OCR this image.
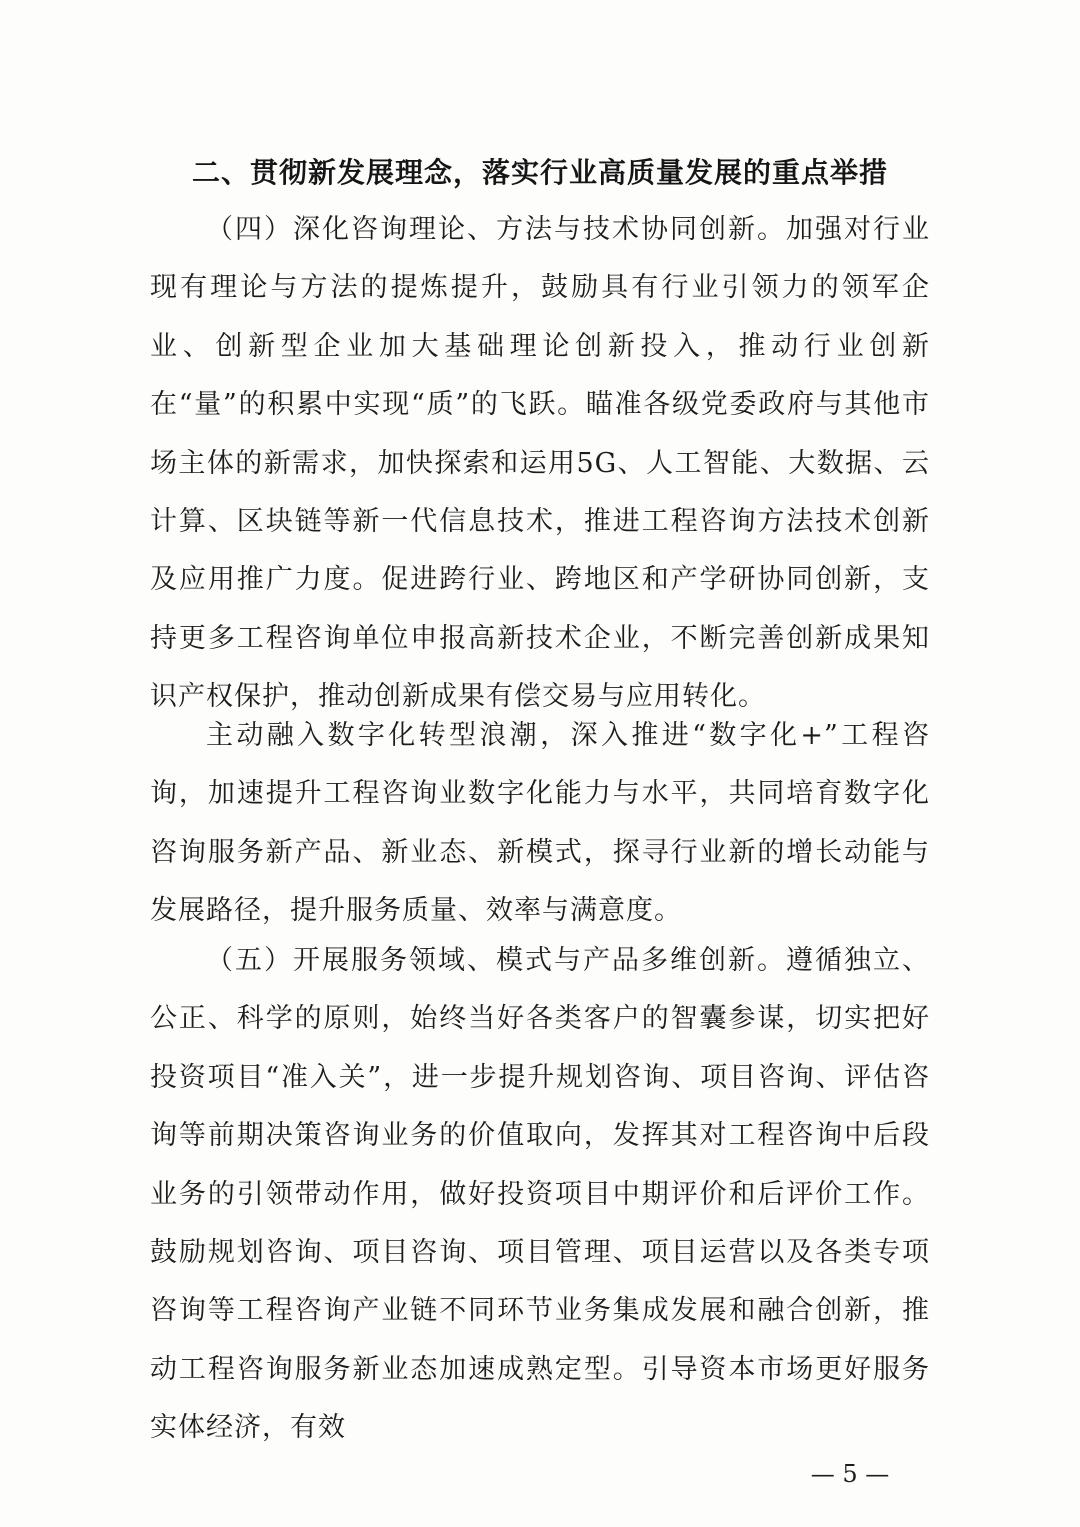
二、贯彻新发展理念，落实行业高质量发展的重点举措

（四）深化咨询理论、方法与技术协同创新。加强对行业现有理论与方法的提炼提升，鼓励具有行业引领力的领军企业、创新型企业加大基础理论创新投入，推动行业创新在“量”的积累中实现“质”的飞跃。瞄准各级党委政府与其他市场主体的新需求，加快探索和运用5G、人工智能、大数据、云计算、区块链等新一代信息技术，推进工程咨询方法技术创新及应用推广力度。促进跨行业、跨地区和产学研协同创新，支持更多工程咨询单位申报高新技术企业，不断完善创新成果知识产权保护，推动创新成果有偿交易与应用转化。

主动融入数字化转型浪潮，深入推进“数字化+”工程咨询，加速提升工程咨询业数字化能力与水平，共同培育数字化咨询服务新产品、新业态、新模式，探寻行业新的增长动能与发展路径，提升服务质量、效率与满意度。

（五）开展服务领域、模式与产品多维创新。遵循独立、公正、科学的原则，始终当好各类客户的智囊参谋，切实把好投资项目“准入关”，进一步提升规划咨询、项目咨询、评估咨询等前期决策咨询业务的价值取向，发挥其对工程咨询中后段业务的引领带动作用，做好投资项目中期评价和后评价工作。鼓励规划咨询、项目咨询、项目管理、项目运营以及各类专项咨询等工程咨询产业链不同环节业务集成发展和融合创新，推动工程咨询服务新业态加速成熟定型。引导资本市场更好服务实体经济，有效

— 5 —
